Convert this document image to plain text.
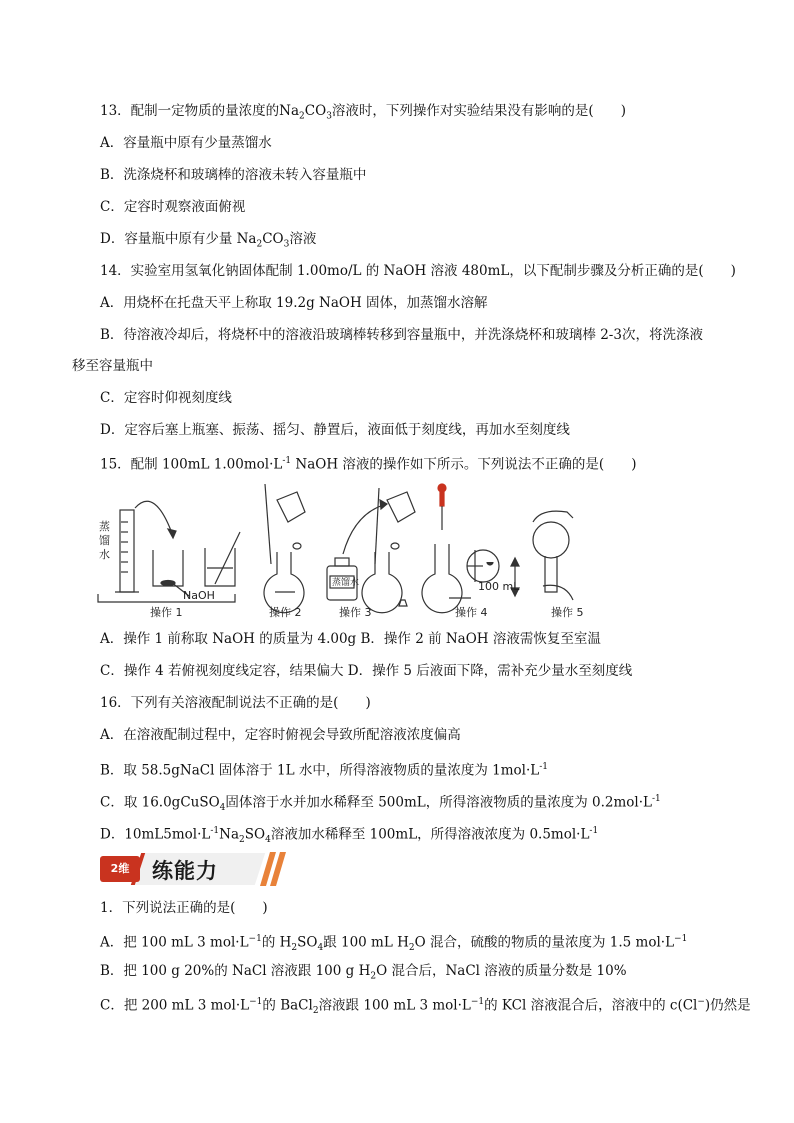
13．配制一定物质的量浓度的$Na_2CO_3$溶液时，下列操作对实验结果没有影响的是(　　)
A．容量瓶中原有少量蒸馏水
B．洗涤烧杯和玻璃棒的溶液未转入容量瓶中
C．定容时观察液面俯视
D．容量瓶中原有少量 $Na_2CO_3$溶液
14．实验室用氢氧化钠固体配制 1.00mo/L 的 NaOH 溶液 480mL，以下配制步骤及分析正确的是(　　)
A．用烧杯在托盘天平上称取 19.2g NaOH 固体，加蒸馏水溶解
B．待溶液冷却后，将烧杯中的溶液沿玻璃棒转移到容量瓶中，并洗涤烧杯和玻璃棒 2-3次，将洗涤液
移至容量瓶中
C．定容时仰视刻度线
D．定容后塞上瓶塞、振荡、摇匀、静置后，液面低于刻度线，再加水至刻度线
15．配制 100mL $1.00mol\cdot L^{-1}$ NaOH 溶液的操作如下所示。下列说法不正确的是(　　)
蒸
馏
水
NaOH
蒸馏水	100 mL
操作 1	操作 2	操作 3	操作 4	操作 5
A．操作 1 前称取 NaOH 的质量为 4.00g B．操作 2 前 NaOH 溶液需恢复至室温
C．操作 4 若俯视刻度线定容，结果偏大 D．操作 5 后液面下降，需补充少量水至刻度线
16．下列有关溶液配制说法不正确的是(　　)
A．在溶液配制过程中，定容时俯视会导致所配溶液浓度偏高
B．取 58.5gNaCl 固体溶于 1L 水中，所得溶液物质的量浓度为 $1mol\cdot L^{-1}$
C．取 16.0gCuSO$_4$固体溶于水并加水稀释至 500mL，所得溶液物质的量浓度为 $0.2mol\cdot L^{-1}$
D．$10mL5mol\cdot L^{-1}Na_2SO_4$溶液加水稀释至 100mL，所得溶液浓度为 $0.5mol\cdot L^{-1}$
2维	练能力
1．下列说法正确的是(　　)
A．把 100 mL 3 $mol\cdot L^{-1}$的 $H_2SO_4$跟 100 mL $H_2O$ 混合，硫酸的物质的量浓度为 1.5 $mol\cdot L^{-1}$
B．把 100 g 20%的 NaCl 溶液跟 100 g $H_2O$ 混合后，NaCl 溶液的质量分数是 10%
C．把 200 mL 3 $mol\cdot L^{-1}$的 BaCl$_2$溶液跟 100 mL 3 $mol\cdot L^{-1}$的 KCl 溶液混合后，溶液中的 c(Cl−)仍然是
